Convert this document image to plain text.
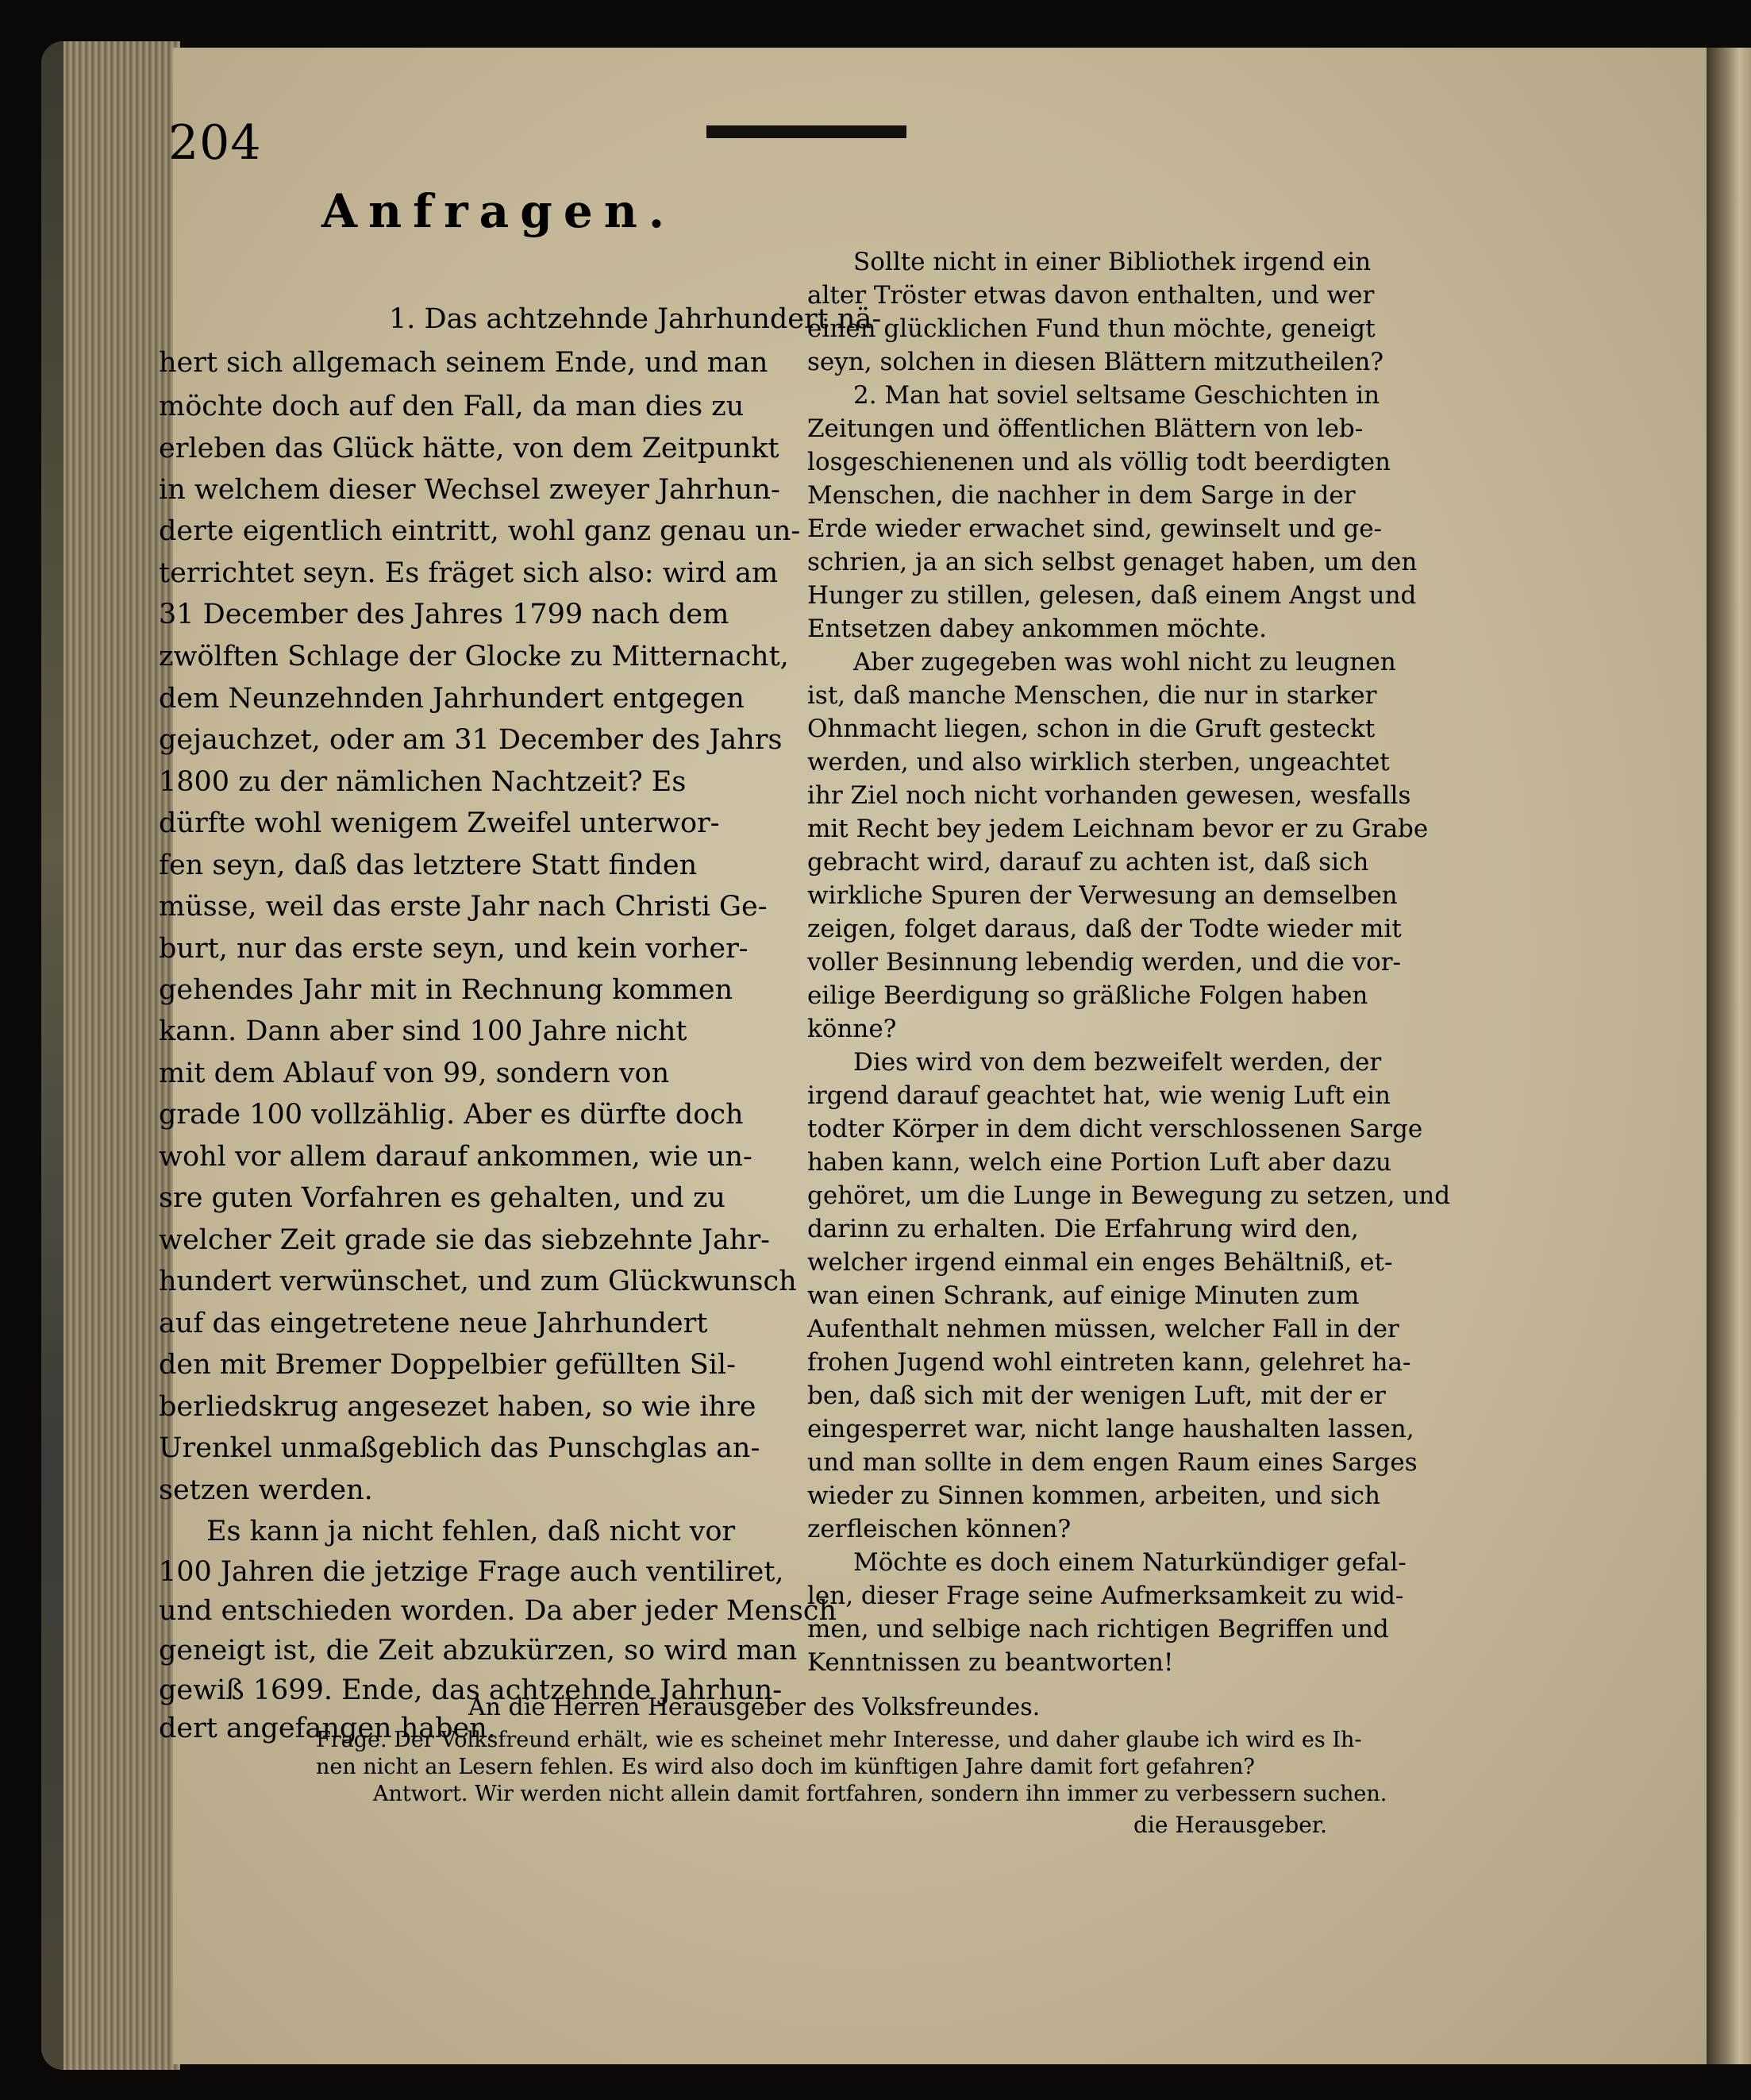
204
Anfragen.
1. Das achtzehnde Jahrhundert nä-
hert sich allgemach seinem Ende, und man
möchte doch auf den Fall, da man dies zu
erleben das Glück hätte, von dem Zeitpunkt
in welchem dieser Wechsel zweyer Jahrhun-
derte eigentlich eintritt, wohl ganz genau un-
terrichtet seyn. Es fräget sich also: wird am
31 December des Jahres 1799 nach dem
zwölften Schlage der Glocke zu Mitternacht,
dem Neunzehnden Jahrhundert entgegen
gejauchzet, oder am 31 December des Jahrs
1800 zu der nämlichen Nachtzeit? Es
dürfte wohl wenigem Zweifel unterwor-
fen seyn, daß das letztere Statt finden
müsse, weil das erste Jahr nach Christi Ge-
burt, nur das erste seyn, und kein vorher-
gehendes Jahr mit in Rechnung kommen
kann. Dann aber sind 100 Jahre nicht
mit dem Ablauf von 99, sondern von
grade 100 vollzählig. Aber es dürfte doch
wohl vor allem darauf ankommen, wie un-
sre guten Vorfahren es gehalten, und zu
welcher Zeit grade sie das siebzehnte Jahr-
hundert verwünschet, und zum Glückwunsch
auf das eingetretene neue Jahrhundert
den mit Bremer Doppelbier gefüllten Sil-
berliedskrug angesezet haben, so wie ihre
Urenkel unmaßgeblich das Punschglas an-
setzen werden.
Es kann ja nicht fehlen, daß nicht vor
100 Jahren die jetzige Frage auch ventiliret,
und entschieden worden. Da aber jeder Mensch
geneigt ist, die Zeit abzukürzen, so wird man
gewiß 1699. Ende, das achtzehnde Jahrhun-
dert angefangen haben.
Sollte nicht in einer Bibliothek irgend ein
alter Tröster etwas davon enthalten, und wer
einen glücklichen Fund thun möchte, geneigt
seyn, solchen in diesen Blättern mitzutheilen?
2. Man hat soviel seltsame Geschichten in
Zeitungen und öffentlichen Blättern von leb-
losgeschienenen und als völlig todt beerdigten
Menschen, die nachher in dem Sarge in der
Erde wieder erwachet sind, gewinselt und ge-
schrien, ja an sich selbst genaget haben, um den
Hunger zu stillen, gelesen, daß einem Angst und
Entsetzen dabey ankommen möchte.
Aber zugegeben was wohl nicht zu leugnen
ist, daß manche Menschen, die nur in starker
Ohnmacht liegen, schon in die Gruft gesteckt
werden, und also wirklich sterben, ungeachtet
ihr Ziel noch nicht vorhanden gewesen, wesfalls
mit Recht bey jedem Leichnam bevor er zu Grabe
gebracht wird, darauf zu achten ist, daß sich
wirkliche Spuren der Verwesung an demselben
zeigen, folget daraus, daß der Todte wieder mit
voller Besinnung lebendig werden, und die vor-
eilige Beerdigung so gräßliche Folgen haben
könne?
Dies wird von dem bezweifelt werden, der
irgend darauf geachtet hat, wie wenig Luft ein
todter Körper in dem dicht verschlossenen Sarge
haben kann, welch eine Portion Luft aber dazu
gehöret, um die Lunge in Bewegung zu setzen, und
darinn zu erhalten. Die Erfahrung wird den,
welcher irgend einmal ein enges Behältniß, et-
wan einen Schrank, auf einige Minuten zum
Aufenthalt nehmen müssen, welcher Fall in der
frohen Jugend wohl eintreten kann, gelehret ha-
ben, daß sich mit der wenigen Luft, mit der er
eingesperret war, nicht lange haushalten lassen,
und man sollte in dem engen Raum eines Sarges
wieder zu Sinnen kommen, arbeiten, und sich
zerfleischen können?
Möchte es doch einem Naturkündiger gefal-
len, dieser Frage seine Aufmerksamkeit zu wid-
men, und selbige nach richtigen Begriffen und
Kenntnissen zu beantworten!
An die Herren Herausgeber des Volksfreundes.
Frage. Der Volksfreund erhält, wie es scheinet mehr Interesse, und daher glaube ich wird es Ih-
nen nicht an Lesern fehlen. Es wird also doch im künftigen Jahre damit fort gefahren?
Antwort. Wir werden nicht allein damit fortfahren, sondern ihn immer zu verbessern suchen.
die Herausgeber.
